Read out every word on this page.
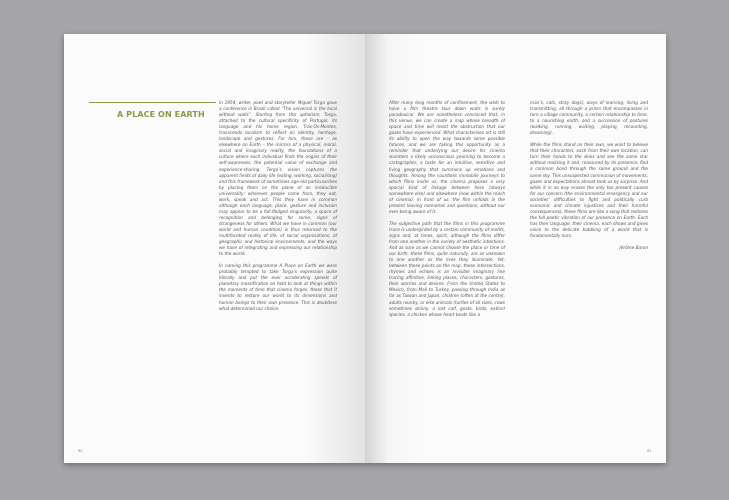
A PLACE ON EARTH

In 1954, writer, poet and storyteller Miguel Torga gave a conference in Brazil called “The universal is the local without walls”. Starting from this aphorism, Torga, attached to the cultural specificity of Portugal, its language and his home region, Trás-Os-Montes, transcends localism to reflect on identity, heritage, landscape and gestures. For him, these are – as elsewhere on Earth – the mirrors of a physical, moral, social and imaginary reality, the foundations of a culture where each individual finds the origins of their self-awareness, the potential value of exchange and experience-sharing. Torga’s vision captures the apparent limits of daily life (eating, working, socialising) and this framework of sometimes age-old particularities by placing them on the plane of an irreducible universality: wherever people come from, they eat, work, speak and act. This they have in common although each language, place, gesture and inclusion may appear to be a full-fledged singularity, a space of recognition and belonging for some, signs of strangeness for others. What we have in common (our world and human condition) is thus returned to the multifaceted reality of life, of social organisations, of geographic and historical environments, and the ways we have of integrating and expressing our relationship to the world.

In naming this programme A Place on Earth we were probably tempted to take Torga’s expression quite literally and put the ever accelerating speeds of planetary massification on hold to look at things within the moments of time that cinema forges, those that it invents to restore our world to its dimensions and human beings to their own presence. This is doubtless what determined our choice.

90

After many long months of confinement, the wish to have a film theatre tour down walls is surely paradoxical. We are nonetheless convinced that, in this venue, we can create a map whose breadth of space and time will resist the obstruction that our gazes have experienced. What characterises art is still its ability to open the way towards some possible futures, and we are taking this opportunity as a reminder that underlying our desire for cinema slumbers a likely unconscious yearning to become a cartographer, a taste for an intuitive, sensitive and living geography that summons up emotions and thoughts. Among the countless immobile journeys to which films invite us, the cinema proposes a very special kind of linkage between here (always somewhere else) and elsewhere (now within the reach of cinema). In front of us, the film unfolds in the present leaving memories and questions, without our ever being aware of it.

The subjective path that the films in this programme trace is undergirded by a certain community of motifs, signs and, at times, spirit, although the films differ from one another in the variety of aesthetic intentions. And as sure as we cannot choose the place or time of our birth, these films, quite naturally, are as unknown to one another as the lives they illuminate. Yet, between these points on the map, these intersections, rhymes and echoes is an invisible imaginary line tracing affinities, linking places, characters, gestures, their worries and desires. From the United States to Mexico, from Mali to Turkey, passing through India as far as Taiwan and Japan, children (often at the centre), adults nearby, or else animals (turtles of all sizes, cows sometimes skinny, a lost calf, goats, birds, extinct species, a chicken whose heart beats like a

man’s, cats, stray dogs), ways of learning, living and transmitting, all through a prism that encompasses in turn a village community, a certain relationship to time, to a nourishing earth, and a succession of postures (walking, running, waiting, playing, recounting, dreaming).

While the films stand on their own, we want to believe that their characters, each from their own location, can turn their heads to the skies and see the same star without realising it and, reassured by its presence, find a common bond through the same ground and the same sky. This unsuspected communion of movements, gazes and expectations almost took us by surprise. And while it in no way erases the only too present causes for our concern (the environmental emergency and our societies’ difficulties to fight and politically curb economic and climate injustices and their harmful consequences), these films are like a song that restores the full poetic vibration of our presence on Earth. Each has their language, their cinema, each shows and gives voice to the delicate babbling of a world that is fundamentally ours.

Jérôme Baron

91
